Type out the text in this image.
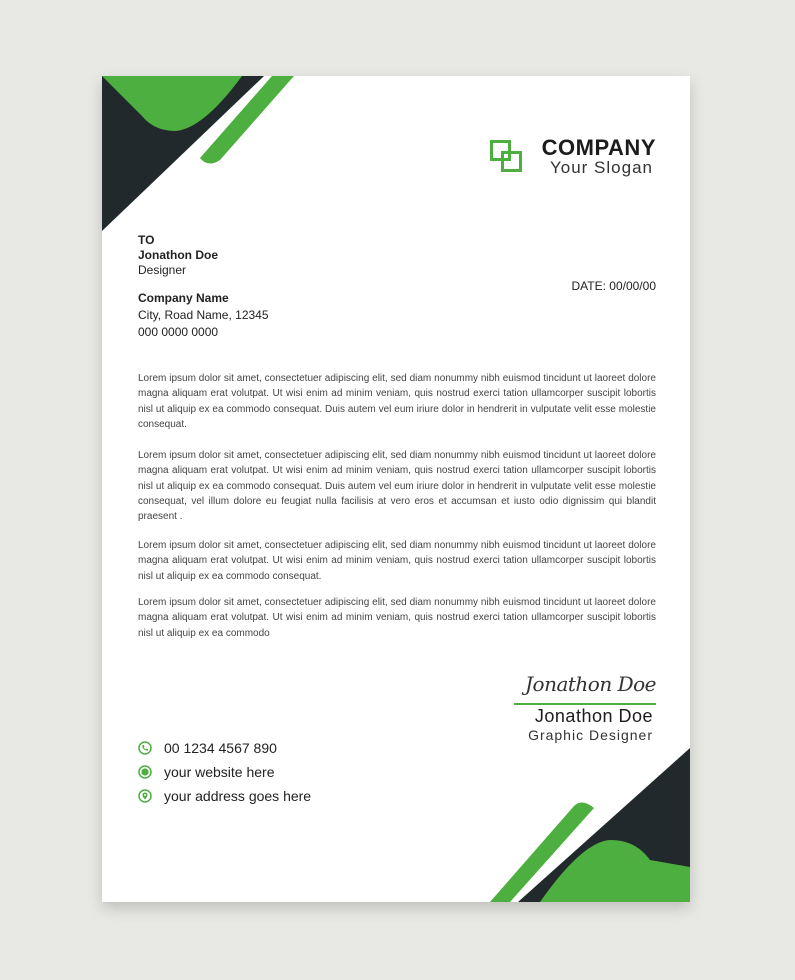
COMPANY
Your Slogan
TO
Jonathon Doe
Designer
Company Name
City, Road Name, 12345
000 0000 0000
DATE: 00/00/00

Lorem ipsum dolor sit amet, consectetuer adipiscing elit, sed diam nonummy nibh euismod tincidunt ut laoreet dolore magna aliquam erat volutpat. Ut wisi enim ad minim veniam, quis nostrud exerci tation ullamcorper suscipit lobortis nisl ut aliquip ex ea commodo consequat. Duis autem vel eum iriure dolor in hendrerit in vulputate velit esse molestie consequat.

Lorem ipsum dolor sit amet, consectetuer adipiscing elit, sed diam nonummy nibh euismod tincidunt ut laoreet dolore magna aliquam erat volutpat. Ut wisi enim ad minim veniam, quis nostrud exerci tation ullamcorper suscipit lobortis nisl ut aliquip ex ea commodo consequat. Duis autem vel eum iriure dolor in hendrerit in vulputate velit esse molestie consequat, vel illum dolore eu feugiat nulla facilisis at vero eros et accumsan et iusto odio dignissim qui blandit praesent .

Lorem ipsum dolor sit amet, consectetuer adipiscing elit, sed diam nonummy nibh euismod tincidunt ut laoreet dolore magna aliquam erat volutpat. Ut wisi enim ad minim veniam, quis nostrud exerci tation ullamcorper suscipit lobortis nisl ut aliquip ex ea commodo consequat.

Lorem ipsum dolor sit amet, consectetuer adipiscing elit, sed diam nonummy nibh euismod tincidunt ut laoreet dolore magna aliquam erat volutpat. Ut wisi enim ad minim veniam, quis nostrud exerci tation ullamcorper suscipit lobortis nisl ut aliquip ex ea commodo

Jonathon Doe
Jonathon Doe
Graphic Designer
00 1234 4567 890
your website here
your address goes here
